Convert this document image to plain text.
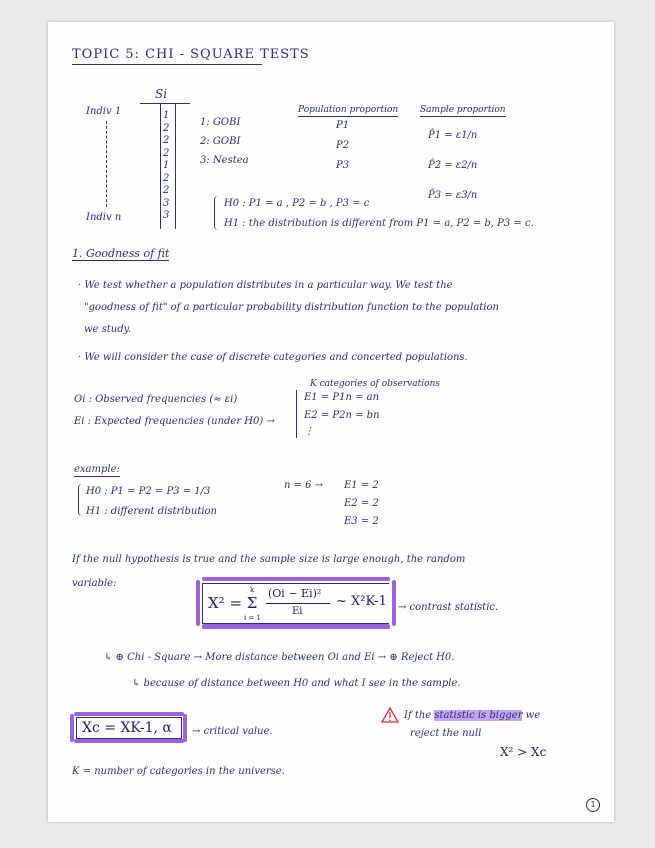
TOPIC 5: CHI - SQUARE TESTS
Si
Indiv 1
Indiv n
1
2
2
2
1
2
2
3
3
1: GOBI
2: GOBI
3: Nestea
Population proportion Sample proportion
P1
P2
P3
P̂1 = ε1/n
P̂2 = ε2/n
P̂3 = ε3/n
H0 : P1 = a , P2 = b , P3 = c
H1 : the distribution is different from P1 = a, P2 = b, P3 = c.
1. Goodness of fit
· We test whether a population distributes in a particular way. We test the
"goodness of fit" of a particular probability distribution function to the population
we study.
· We will consider the case of discrete categories and concerted populations.
K categories of observations
Oi : Observed frequencies (≈ εi)
Ei : Expected frequencies (under H0) →
E1 = P1n = an
E2 = P2n = bn
⋮
example:
H0 : P1 = P2 = P3 = 1/3
H1 : different distribution
n = 6 → E1 = 2
E2 = 2
E3 = 2
If the null hypothesis is true and the sample size is large enough, the random
variable:
X² = Σ
k
i = 1
(Oi − Ei)²
Ei
~ X²K-1 → contrast statistic.
↳ ⊕ Chi - Square → More distance between Oi and Ei → ⊕ Reject H0.
↳ because of distance between H0 and what I see in the sample.
Xc = XK-1, α → critical value.
If the statistic is bigger we
reject the null
X² > Xc
K = number of categories in the universe.
1
